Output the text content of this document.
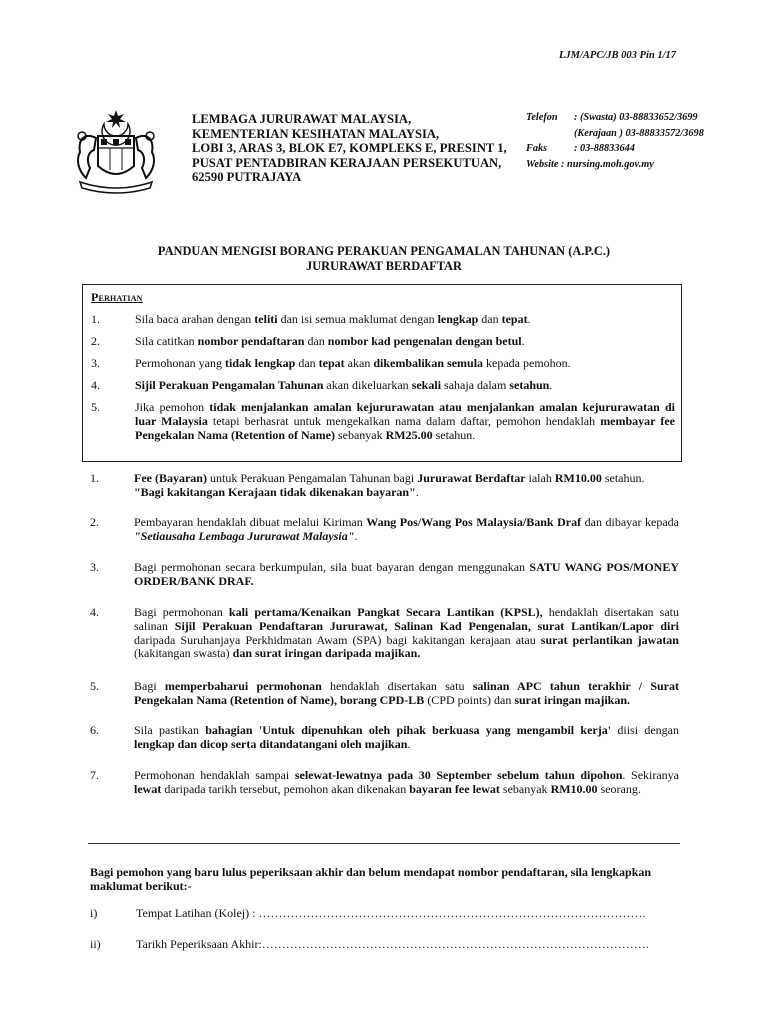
LJM/APC/JB 003 Pin 1/17
LEMBAGA JURURAWAT MALAYSIA,
KEMENTERIAN KESIHATAN MALAYSIA,
LOBI 3, ARAS 3, BLOK E7, KOMPLEKS E, PRESINT 1,
PUSAT PENTADBIRAN KERAJAAN PERSEKUTUAN,
62590 PUTRAJAYA
Telefon : (Swasta) 03-88833652/3699
(Kerajaan ) 03-88833572/3698
Faks	: 03-88833644
Website : nursing.moh.gov.my
PANDUAN MENGISI BORANG PERAKUAN PENGAMALAN TAHUNAN (A.P.C.)
JURURAWAT BERDAFTAR
Perhatian
1.	Sila baca arahan dengan teliti dan isi semua maklumat dengan lengkap dan tepat.
2.	Sila catitkan nombor pendaftaran dan nombor kad pengenalan dengan betul.
3.	Permohonan yang tidak lengkap dan tepat akan dikembalikan semula kepada pemohon.
4.	Sijil Perakuan Pengamalan Tahunan akan dikeluarkan sekali sahaja dalam setahun.
5.	Jika pemohon tidak menjalankan amalan kejururawatan atau menjalankan amalan kejururawatan di luar Malaysia tetapi berhasrat untuk mengekalkan nama dalam daftar, pemohon hendaklah membayar fee Pengekalan Nama (Retention of Name) sebanyak RM25.00 setahun.
1.	Fee (Bayaran) untuk Perakuan Pengamalan Tahunan bagi Jururawat Berdaftar ialah RM10.00 setahun.
"Bagi kakitangan Kerajaan tidak dikenakan bayaran".
2.	Pembayaran hendaklah dibuat melalui Kiriman Wang Pos/Wang Pos Malaysia/Bank Draf dan dibayar kepada "Setiausaha Lembaga Jururawat Malaysia".
3.	Bagi permohonan secara berkumpulan, sila buat bayaran dengan menggunakan SATU WANG POS/MONEY ORDER/BANK DRAF.
4.	Bagi permohonan kali pertama/Kenaikan Pangkat Secara Lantikan (KPSL), hendaklah disertakan satu salinan Sijil Perakuan Pendaftaran Jururawat, Salinan Kad Pengenalan, surat Lantikan/Lapor diri daripada Suruhanjaya Perkhidmatan Awam (SPA) bagi kakitangan kerajaan atau surat perlantikan jawatan (kakitangan swasta) dan surat iringan daripada majikan.
5.	Bagi memperbaharui permohonan hendaklah disertakan satu salinan APC tahun terakhir / Surat Pengekalan Nama (Retention of Name), borang CPD-LB (CPD points) dan surat iringan majikan.
6.	Sila pastikan bahagian 'Untuk dipenuhkan oleh pihak berkuasa yang mengambil kerja' diisi dengan lengkap dan dicop serta ditandatangani oleh majikan.
7.	Permohonan hendaklah sampai selewat-lewatnya pada 30 September sebelum tahun dipohon. Sekiranya lewat daripada tarikh tersebut, pemohon akan dikenakan bayaran fee lewat sebanyak RM10.00 seorang.
Bagi pemohon yang baru lulus peperiksaan akhir dan belum mendapat nombor pendaftaran, sila lengkapkan maklumat berikut:-
i)	Tempat Latihan (Kolej) : …………………………………………………………………………………….
ii)	Tarikh Peperiksaan Akhir:…………………………………………………………………………………….
